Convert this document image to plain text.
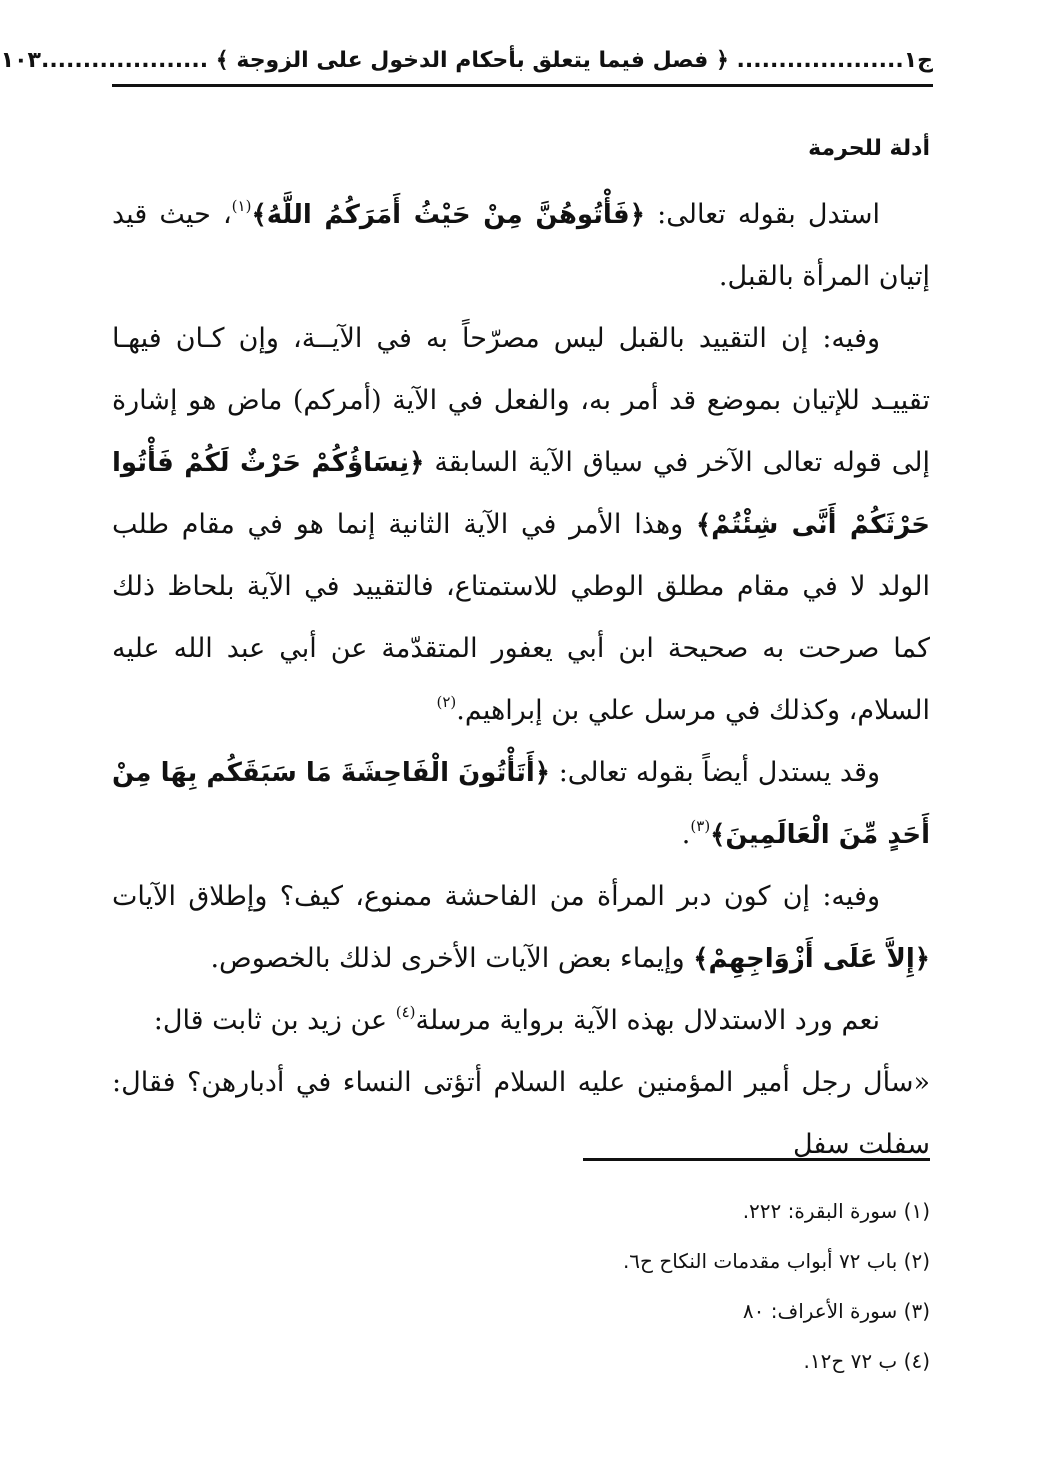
ج١
.................... ﴿ فصل فيما يتعلق بأحكام الدخول على الزوجة ﴾ ....................
١٠٣
أدلة للحرمة

استدل بقوله تعالى: ﴿فَأْتُوهُنَّ مِنْ حَيْثُ أَمَرَكُمُ اللَّهُ﴾$^{(١)}$، حيث قيد إتيان المرأة بالقبل.

وفيه: إن التقييد بالقبل ليس مصرّحاً به في الآيــة، وإن كـان فيهـا تقييـد للإتيان بموضع قد أمر به، والفعل في الآية (أمركم) ماض هو إشارة إلى قوله تعالى الآخر في سياق الآية السابقة ﴿نِسَاؤُكُمْ حَرْثٌ لَكُمْ فَأْتُوا حَرْثَكُمْ أَنَّى شِئْتُمْ﴾ وهذا الأمر في الآية الثانية إنما هو في مقام طلب الولد لا في مقام مطلق الوطي للاستمتاع، فالتقييد في الآية بلحاظ ذلك كما صرحت به صحيحة ابن أبي يعفور المتقدّمة عن أبي عبد الله عليه السلام، وكذلك في مرسل علي بن إبراهيم.$^{(٢)}$

وقد يستدل أيضاً بقوله تعالى: ﴿أَتَأْتُونَ الْفَاحِشَةَ مَا سَبَقَكُم بِهَا مِنْ أَحَدٍ مِّنَ الْعَالَمِينَ﴾$^{(٣)}$.

وفيه: إن كون دبر المرأة من الفاحشة ممنوع، كيف؟ وإطلاق الآيات ﴿إِلاَّ عَلَى أَزْوَاجِهِمْ﴾ وإيماء بعض الآيات الأخرى لذلك بالخصوص.

نعم ورد الاستدلال بهذه الآية برواية مرسلة$^{(٤)}$ عن زيد بن ثابت قال:

«سأل رجل أمير المؤمنين عليه السلام أتؤتى النساء في أدبارهن؟ فقال: سفلت سفل

(١) سورة البقرة: ٢٢٢.
(٢) باب ٧٢ أبواب مقدمات النكاح ح٦.
(٣) سورة الأعراف: ٨٠
(٤) ب ٧٢ ح١٢.
